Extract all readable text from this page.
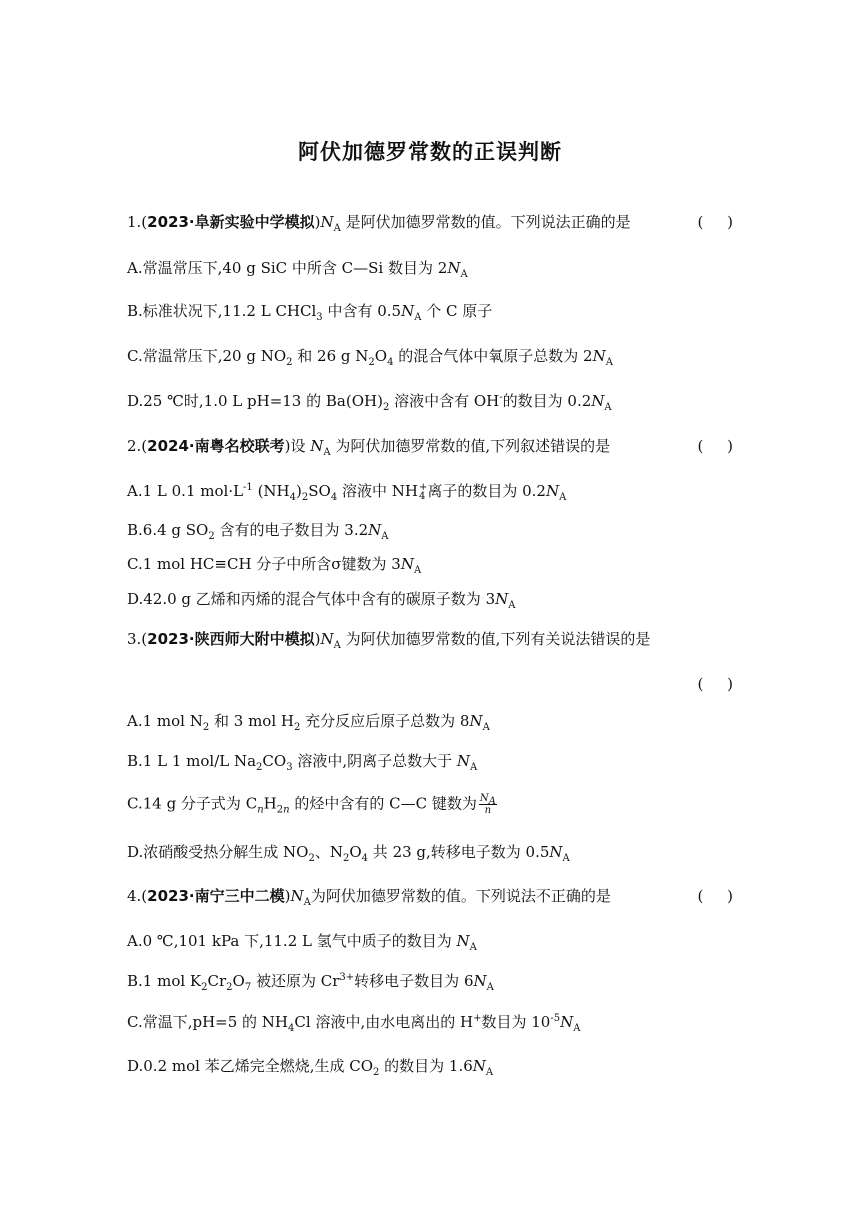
阿伏加德罗常数的正误判断
1.(2023·阜新实验中学模拟)$N_A$ 是阿伏加德罗常数的值。下列说法正确的是	(     )
A.常温常压下,40 g SiC 中所含 C—Si 数目为 $2N_A$
B.标准状况下,11.2 L CHCl$_3$ 中含有 $0.5N_A$ 个 C 原子
C.常温常压下,20 g $NO_2$ 和 26 g $N_2O_4$ 的混合气体中氧原子总数为 $2N_A$
D.25 ℃时,1.0 L pH=13 的 $Ba(OH)_2$ 溶液中含有 OH-的数目为 $0.2N_A$
2.(2024·南粤名校联考)设 $N_A$ 为阿伏加德罗常数的值,下列叙述错误的是	(     )
A.1 L 0.1 $mol\cdot L^{-1}$ $(NH_4)_2SO_4$ 溶液中 NH +
4 离子的数目为 $0.2N_A$
B.6.4 g $SO_2$ 含有的电子数目为 $3.2N_A$
C.1 mol HC≡CH 分子中所含σ键数为 $3N_A$
D.42.0 g 乙烯和丙烯的混合气体中含有的碳原子数为 $3N_A$
3.(2023·陕西师大附中模拟)$N_A$ 为阿伏加德罗常数的值,下列有关说法错误的是
(     )
A.1 mol $N_2$ 和 3 mol $H_2$ 充分反应后原子总数为 $8N_A$
B.1 L 1 mol/L $Na_2CO_3$ 溶液中,阴离子总数大于 $N_A$
C.14 g 分子式为 $C_nH_{2n}$ 的烃中含有的 C—C 键数为 $\frac{N_A}{n}$
D.浓硝酸受热分解生成 $NO_2$、$N_2O_4$ 共 23 g,转移电子数为 $0.5N_A$
4.(2023·南宁三中二模)$N_A$为阿伏加德罗常数的值。下列说法不正确的是	(     )
A.0 ℃,101 kPa 下,11.2 L 氢气中质子的数目为 $N_A$
B.1 mol $K_2Cr_2O_7$ 被还原为 $Cr^{3+}$转移电子数目为 $6N_A$
C.常温下,pH=5 的 $NH_4Cl$ 溶液中,由水电离出的 H+数目为 $10^{-5}N_A$
D.0.2 mol 苯乙烯完全燃烧,生成 $CO_2$ 的数目为 $1.6N_A$
